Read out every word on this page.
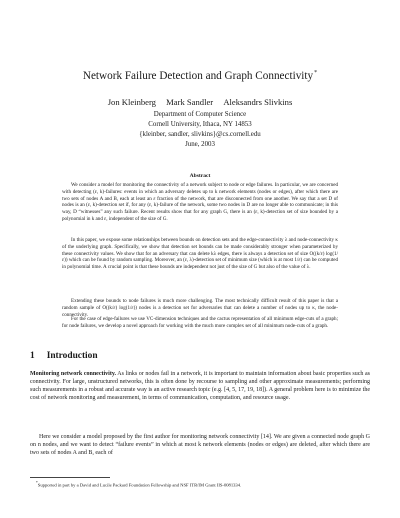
Network Failure Detection and Graph Connectivity*
Jon Kleinberg Mark Sandler Aleksandrs Slivkins
Department of Computer Science
Cornell University, Ithaca, NY 14853
{kleinber, sandler, slivkins}@cs.cornell.edu
June, 2003
Abstract

We consider a model for monitoring the connectivity of a network subject to node or edge failures. In particular, we are concerned with detecting (ε, k)-failures: events in which an adversary deletes up to k network elements (nodes or edges), after which there are two sets of nodes A and B, each at least an ε fraction of the network, that are disconnected from one another. We say that a set D of nodes is an (ε, k)-detection set if, for any (ε, k)-failure of the network, some two nodes in D are no longer able to communicate; in this way, D “witnesses” any such failure. Recent results show that for any graph G, there is an (ε, k)-detection set of size bounded by a polynomial in k and ε, independent of the size of G.

In this paper, we expose some relationships between bounds on detection sets and the edge-connectivity λ and node-connectivity κ of the underlying graph. Specifically, we show that detection set bounds can be made considerably stronger when parameterized by these connectivity values. We show that for an adversary that can delete kλ edges, there is always a detection set of size O((k/ε) log(1/ε)) which can be found by random sampling. Moreover, an (ε, λ)-detection set of minimum size (which is at most 1/ε) can be computed in polynomial time. A crucial point is that these bounds are independent not just of the size of G but also of the value of λ.

Extending these bounds to node failures is much more challenging. The most technically difficult result of this paper is that a random sample of O((k/ε) log(1/ε)) nodes is a detection set for adversaries that can delete a number of nodes up to κ, the node-connectivity.

For the case of edge-failures we use VC-dimension techniques and the cactus representation of all minimum edge-cuts of a graph; for node failures, we develop a novel approach for working with the much more complex set of all minimum node-cuts of a graph.

1 Introduction

Monitoring network connectivity. As links or nodes fail in a network, it is important to maintain information about basic properties such as connectivity. For large, unstructured networks, this is often done by recourse to sampling and other approximate measurements; performing such measurements in a robust and accurate way is an active research topic (e.g. [4, 5, 17, 19, 18]). A general problem here is to minimize the cost of network monitoring and measurement, in terms of communication, computation, and resource usage.

Here we consider a model proposed by the first author for monitoring network connectivity [14]. We are given a connected node graph G on n nodes, and we want to detect “failure events” in which at most k network elements (nodes or edges) are deleted, after which there are two sets of nodes A and B, each of

*Supported in part by a David and Lucile Packard Foundation Fellowship and NSF ITR/IM Grant IIS-0081334.
